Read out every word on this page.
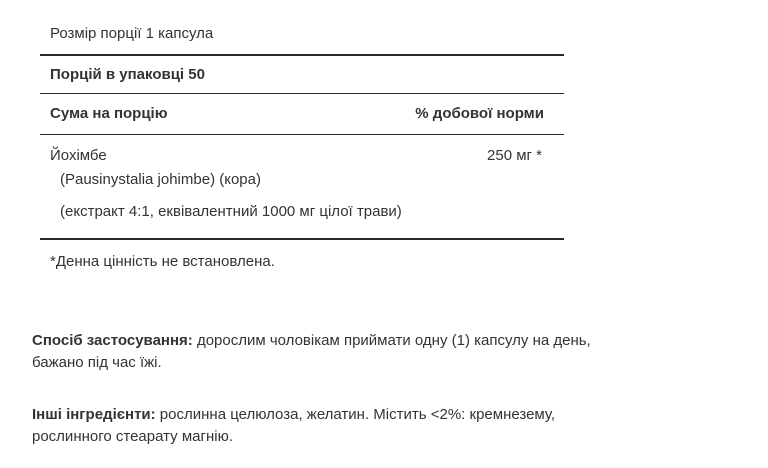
Розмір порції 1 капсула
Порцій в упаковці 50
Сума на порцію	% добової норми
Йохімбе	250 мг *
(Pausinystalia johimbe) (кора)
(екстракт 4:1, еквівалентний 1000 мг цілої трави)
*Денна цінність не встановлена.
Спосіб застосування: дорослим чоловікам приймати одну (1) капсулу на день,
бажано під час їжі.
Інші інгредієнти: рослинна целюлоза, желатин. Містить <2%: кремнезему,
рослинного стеарату магнію.
